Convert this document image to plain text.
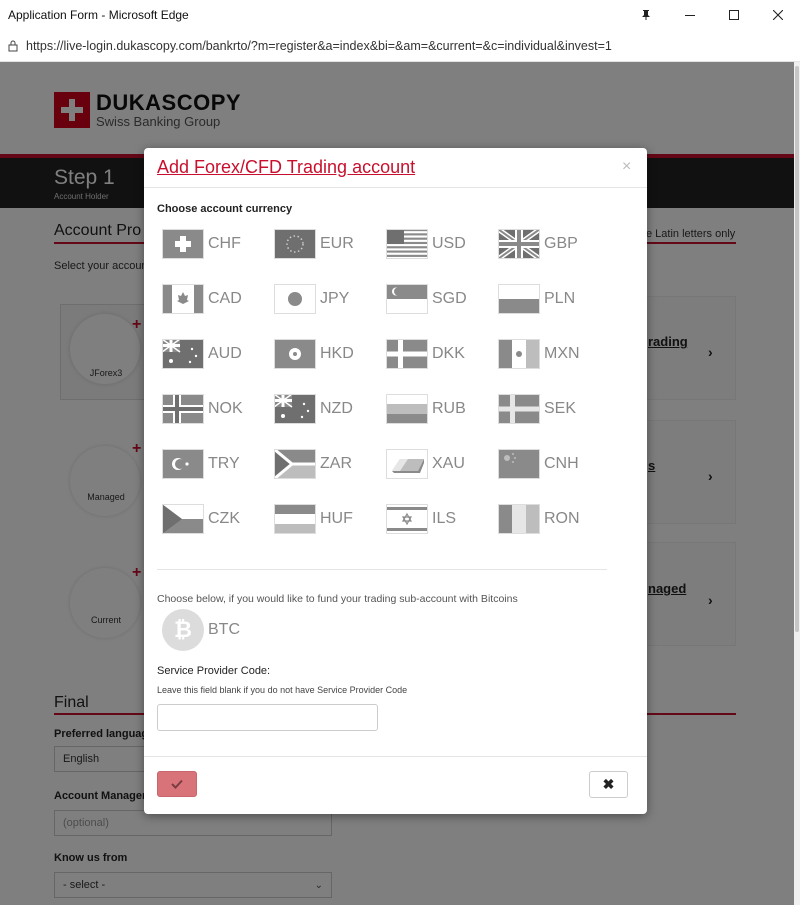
Application Form - Microsoft Edge
https://live-login.dukascopy.com/bankrto/?m=register&a=index&bi=&am=&current=&c=individual&invest=1
Add Forex/CFD Trading account	×
Choose account currency
CHF	EUR	USD	GBP
CAD	JPY	SGD	PLN
AUD	HKD	DKK	MXN
NOK	NZD	RUB	SEK
TRY	ZAR	XAU	CNH
CZK	HUF	ILS	RON
Choose below, if you would like to fund your trading sub-account with Bitcoins
₿	BTC
Service Provider Code:
Leave this field blank if you do not have Service Provider Code
✖
